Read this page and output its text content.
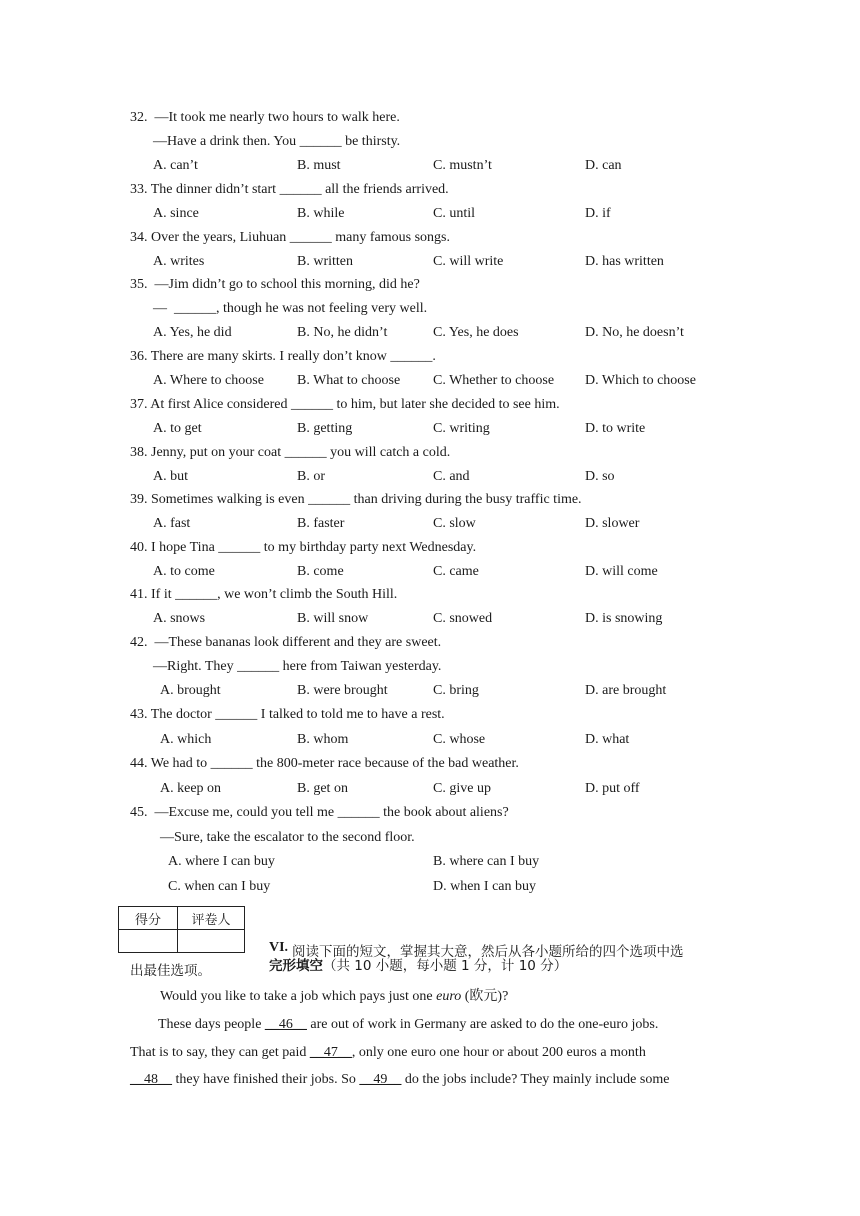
32.  —It took me nearly two hours to walk here.
—Have a drink then. You ______ be thirsty.
A. can’t	B. must	C. mustn’t	D. can
33. The dinner didn’t start ______ all the friends arrived.
A. since	B. while	C. until	D. if
34. Over the years, Liuhuan ______ many famous songs.
A. writes	B. written	C. will write	D. has written
35.  —Jim didn’t go to school this morning, did he?
—  ______, though he was not feeling very well.
A. Yes, he did	B. No, he didn’t	C. Yes, he does	D. No, he doesn’t
36. There are many skirts. I really don’t know ______.
A. Where to choose B. What to choose C. Whether to choose D. Which to choose
37. At first Alice considered ______ to him, but later she decided to see him.
A. to get	B. getting	C. writing	D. to write
38. Jenny, put on your coat ______ you will catch a cold.
A. but	B. or	C. and	D. so
39. Sometimes walking is even ______ than driving during the busy traffic time.
A. fast	B. faster	C. slow	D. slower
40. I hope Tina ______ to my birthday party next Wednesday.
A. to come	B. come	C. came	D. will come
41. If it ______, we won’t climb the South Hill.
A. snows	B. will snow	C. snowed	D. is snowing
42.  —These bananas look different and they are sweet.
—Right. They ______ here from Taiwan yesterday.
A. brought	B. were brought	C. bring	D. are brought
43. The doctor ______ I talked to told me to have a rest.
A. which	B. whom	C. whose	D. what
44. We had to ______ the 800-meter race because of the bad weather.
A. keep on	B. get on	C. give up	D. put off
45.  —Excuse me, could you tell me ______ the book about aliens?
—Sure, take the escalator to the second floor.
A. where I can buy	B. where can I buy
C. when can I buy	D. when I can buy
得分	评卷人

VI.
完形填空（共 10 小题，每小题 1 分，计 10 分）

阅读下面的短文，掌握其大意，然后从各小题所给的四个选项中选
出最佳选项。
Would you like to take a job which pays just one euro (欧元)?
These days people __46__ are out of work in Germany are asked to do the one-euro jobs.
That is to say, they can get paid __47__, only one euro one hour or about 200 euros a month
__48__ they have finished their jobs. So __49__ do the jobs include? They mainly include some
